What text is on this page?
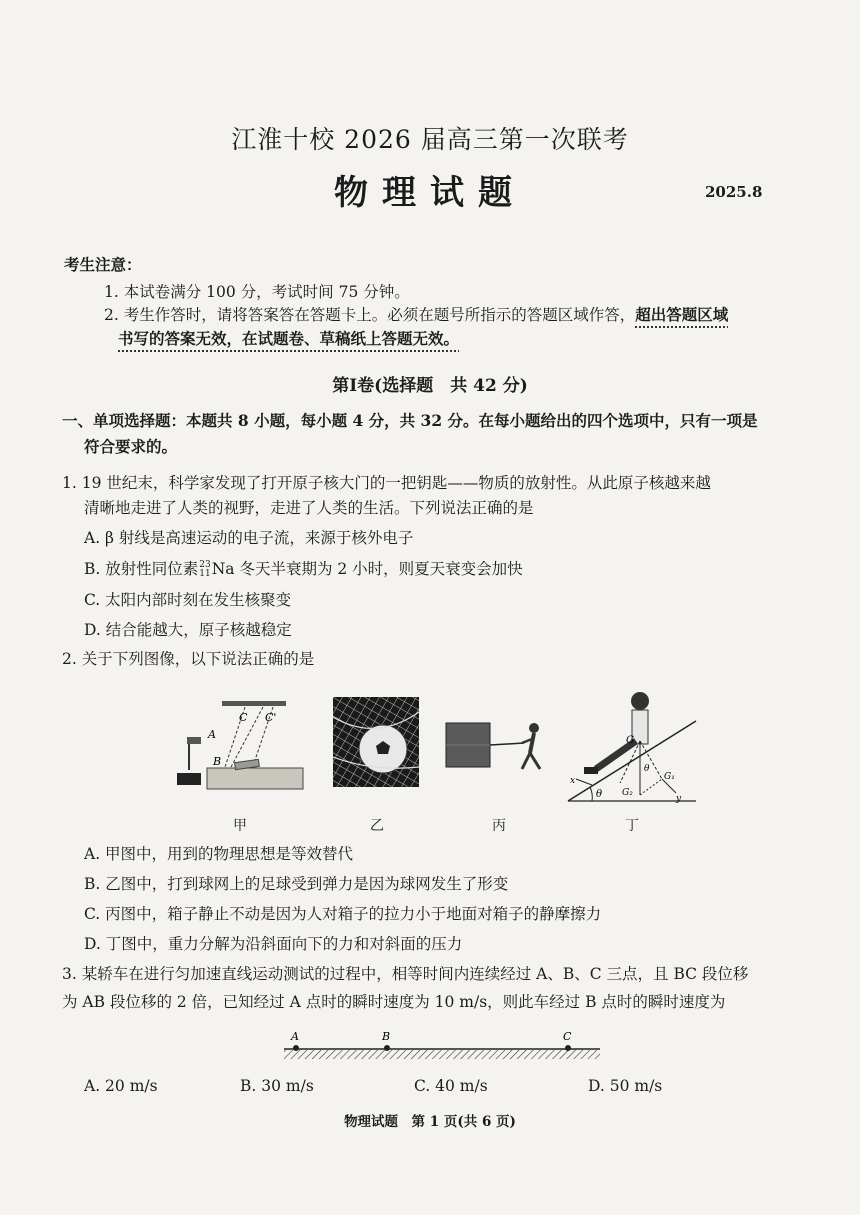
江淮十校 2026 届高三第一次联考
物理试题	2025.8
考生注意：
1. 本试卷满分 100 分，考试时间 75 分钟。
2. 考生作答时，请将答案答在答题卡上。必须在题号所指示的答题区域作答，超出答题区域
书写的答案无效，在试题卷、草稿纸上答题无效。
第Ⅰ卷(选择题　共 42 分)
一、单项选择题：本题共 8 小题，每小题 4 分，共 32 分。在每小题给出的四个选项中，只有一项是
符合要求的。
1. 19 世纪末，科学家发现了打开原子核大门的一把钥匙——物质的放射性。从此原子核越来越
清晰地走进了人类的视野，走进了人类的生活。下列说法正确的是
A. β 射线是高速运动的电子流，来源于核外电子
B. 放射性同位素 23
11 Na 冬天半衰期为 2 小时，则夏天衰变会加快
C. 太阳内部时刻在发生核聚变
D. 结合能越大，原子核越稳定
2. 关于下列图像，以下说法正确的是
C C'
A
B
θ
G
G₁
G₂
θ
x
y
甲	乙	丙	丁
A. 甲图中，用到的物理思想是等效替代
B. 乙图中，打到球网上的足球受到弹力是因为球网发生了形变
C. 丙图中，箱子静止不动是因为人对箱子的拉力小于地面对箱子的静摩擦力
D. 丁图中，重力分解为沿斜面向下的力和对斜面的压力
3. 某轿车在进行匀加速直线运动测试的过程中，相等时间内连续经过 A、B、C 三点，且 BC 段位移
为 AB 段位移的 2 倍，已知经过 A 点时的瞬时速度为 10 m/s，则此车经过 B 点时的瞬时速度为
A	B	C
A. 20 m/s	B. 30 m/s	C. 40 m/s	D. 50 m/s
物理试题　第 1 页(共 6 页)
